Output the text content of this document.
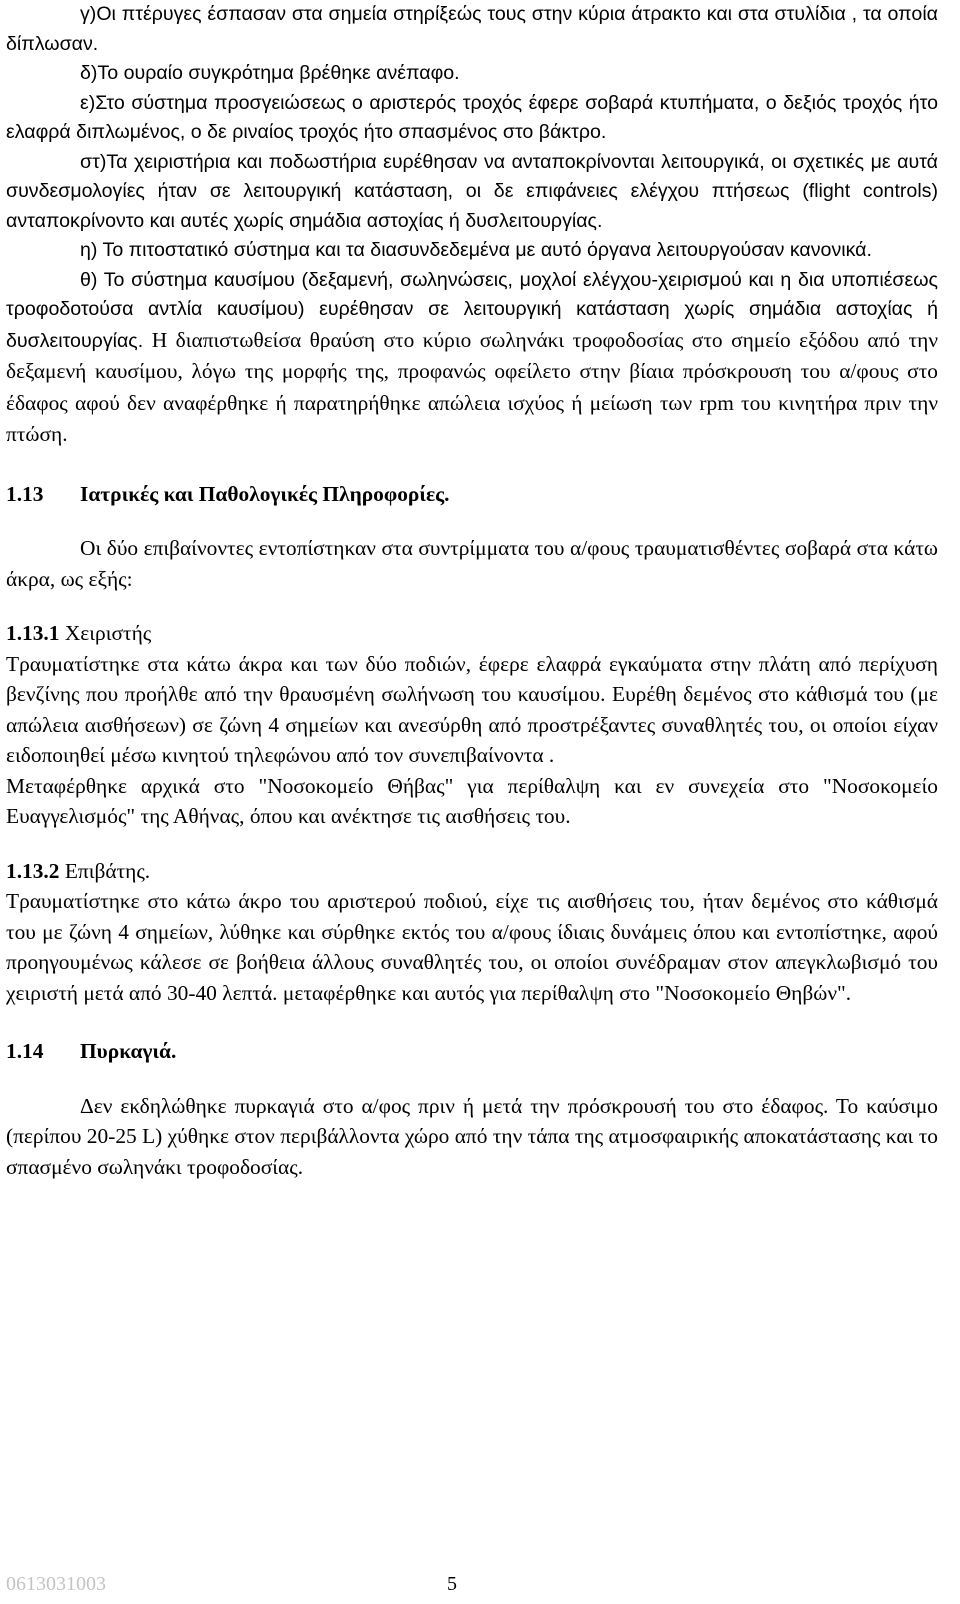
γ)Οι πτέρυγες έσπασαν στα σημεία στηρίξεώς τους στην κύρια άτρακτο και στα στυλίδια , τα οποία δίπλωσαν.

δ)Το ουραίο συγκρότημα βρέθηκε ανέπαφο.

ε)Στο σύστημα προσγειώσεως ο αριστερός τροχός έφερε σοβαρά κτυπήματα, ο δεξιός τροχός ήτο ελαφρά διπλωμένος, ο δε ριναίος τροχός ήτο σπασμένος στο βάκτρο.

στ)Τα χειριστήρια και ποδωστήρια ευρέθησαν να ανταποκρίνονται λειτουργικά, οι σχετικές με αυτά συνδεσμολογίες ήταν σε λειτουργική κατάσταση, οι δε επιφάνειες ελέγχου πτήσεως (flight controls) ανταποκρίνοντο και αυτές χωρίς σημάδια αστοχίας ή δυσλειτουργίας.

η) Το πιτοστατικό σύστημα και τα διασυνδεδεμένα με αυτό όργανα λειτουργούσαν κανονικά.

θ) Το σύστημα καυσίμου (δεξαμενή, σωληνώσεις, μοχλοί ελέγχου-χειρισμού και η δια υποπιέσεως τροφοδοτούσα αντλία καυσίμου) ευρέθησαν σε λειτουργική κατάσταση χωρίς σημάδια αστοχίας ή δυσλειτουργίας. Η διαπιστωθείσα θραύση στο κύριο σωληνάκι τροφοδοσίας στο σημείο εξόδου από την δεξαμενή καυσίμου, λόγω της μορφής της, προφανώς οφείλετο στην βίαια πρόσκρουση του α/φους στο έδαφος αφού δεν αναφέρθηκε ή παρατηρήθηκε απώλεια ισχύος ή μείωση των rpm του κινητήρα πριν την πτώση.

1.13 Ιατρικές και Παθολογικές Πληροφορίες.

Οι δύο επιβαίνοντες εντοπίστηκαν στα συντρίμματα του α/φους τραυματισθέντες σοβαρά στα κάτω άκρα, ως εξής:

1.13.1 Χειριστής

Τραυματίστηκε στα κάτω άκρα και των δύο ποδιών, έφερε ελαφρά εγκαύματα στην πλάτη από περίχυση βενζίνης που προήλθε από την θραυσμένη σωλήνωση του καυσίμου. Ευρέθη δεμένος στο κάθισμά του (με απώλεια αισθήσεων) σε ζώνη 4 σημείων και ανεσύρθη από προστρέξαντες συναθλητές του, οι οποίοι είχαν ειδοποιηθεί μέσω κινητού τηλεφώνου από τον συνεπιβαίνοντα .

Μεταφέρθηκε αρχικά στο "Νοσοκομείο Θήβας" για περίθαλψη και εν συνεχεία στο "Νοσοκομείο Ευαγγελισμός" της Αθήνας, όπου και ανέκτησε τις αισθήσεις του.

1.13.2 Επιβάτης.

Τραυματίστηκε στο κάτω άκρο του αριστερού ποδιού, είχε τις αισθήσεις του, ήταν δεμένος στο κάθισμά του με ζώνη 4 σημείων, λύθηκε και σύρθηκε εκτός του α/φους ίδιαις δυνάμεις όπου και εντοπίστηκε, αφού προηγουμένως κάλεσε σε βοήθεια άλλους συναθλητές του, οι οποίοι συνέδραμαν στον απεγκλωβισμό του χειριστή μετά από 30-40 λεπτά. μεταφέρθηκε και αυτός για περίθαλψη στο "Νοσοκομείο Θηβών".

1.14 Πυρκαγιά.

Δεν εκδηλώθηκε πυρκαγιά στο α/φος πριν ή μετά την πρόσκρουσή του στο έδαφος. Το καύσιμο (περίπου 20-25 L) χύθηκε στον περιβάλλοντα χώρο από την τάπα της ατμοσφαιρικής αποκατάστασης και το σπασμένο σωληνάκι τροφοδοσίας.

0613031003	5
